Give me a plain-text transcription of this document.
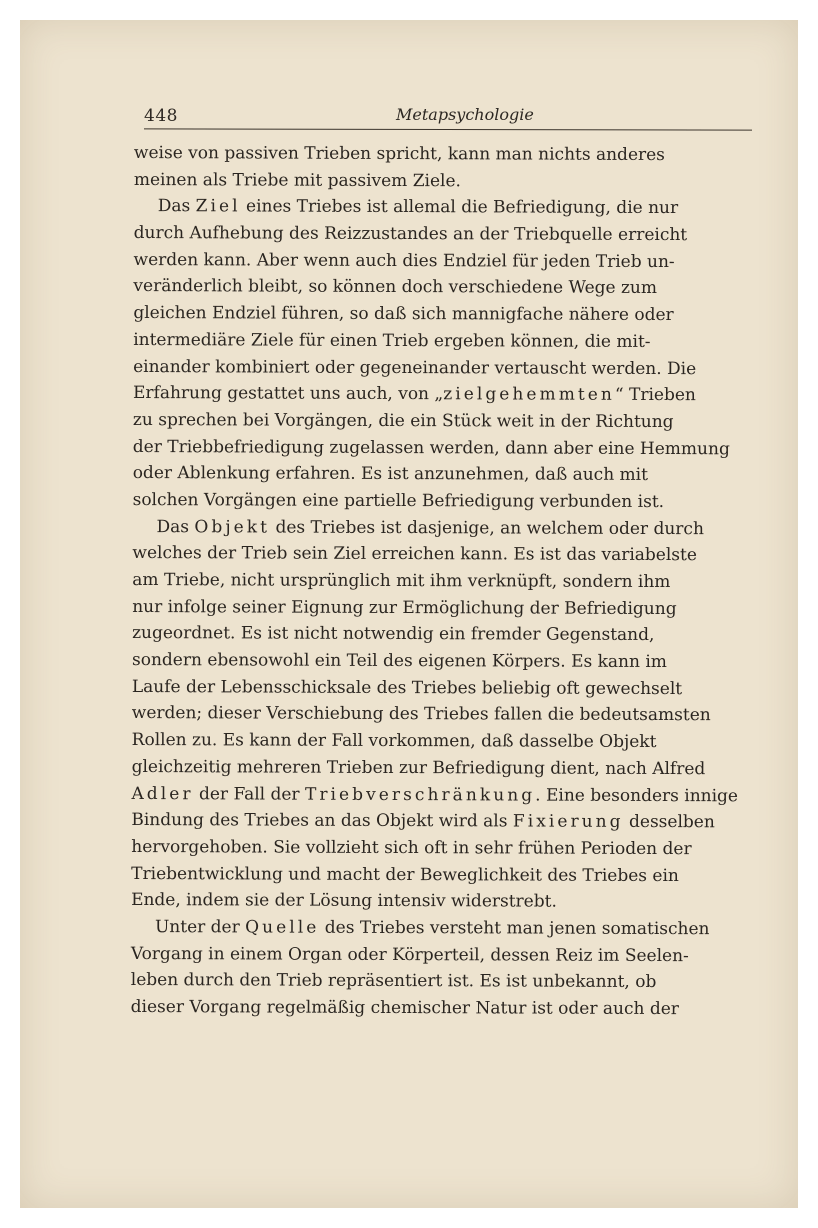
448	Metapsychologie
weise von passiven Trieben spricht, kann man nichts anderes
meinen als Triebe mit passivem Ziele.
Das Ziel eines Triebes ist allemal die Befriedigung, die nur
durch Aufhebung des Reizzustandes an der Triebquelle erreicht
werden kann. Aber wenn auch dies Endziel für jeden Trieb un-
veränderlich bleibt, so können doch verschiedene Wege zum
gleichen Endziel führen, so daß sich mannigfache nähere oder
intermediäre Ziele für einen Trieb ergeben können, die mit-
einander kombiniert oder gegeneinander vertauscht werden. Die
Erfahrung gestattet uns auch, von „zielgehemmten“ Trieben
zu sprechen bei Vorgängen, die ein Stück weit in der Richtung
der Triebbefriedigung zugelassen werden, dann aber eine Hemmung
oder Ablenkung erfahren. Es ist anzunehmen, daß auch mit
solchen Vorgängen eine partielle Befriedigung verbunden ist.
Das Objekt des Triebes ist dasjenige, an welchem oder durch
welches der Trieb sein Ziel erreichen kann. Es ist das variabelste
am Triebe, nicht ursprünglich mit ihm verknüpft, sondern ihm
nur infolge seiner Eignung zur Ermöglichung der Befriedigung
zugeordnet. Es ist nicht notwendig ein fremder Gegenstand,
sondern ebensowohl ein Teil des eigenen Körpers. Es kann im
Laufe der Lebensschicksale des Triebes beliebig oft gewechselt
werden; dieser Verschiebung des Triebes fallen die bedeutsamsten
Rollen zu. Es kann der Fall vorkommen, daß dasselbe Objekt
gleichzeitig mehreren Trieben zur Befriedigung dient, nach Alfred
Adler der Fall der Triebverschränkung. Eine besonders innige
Bindung des Triebes an das Objekt wird als Fixierung desselben
hervorgehoben. Sie vollzieht sich oft in sehr frühen Perioden der
Triebentwicklung und macht der Beweglichkeit des Triebes ein
Ende, indem sie der Lösung intensiv widerstrebt.
Unter der Quelle des Triebes versteht man jenen somatischen
Vorgang in einem Organ oder Körperteil, dessen Reiz im Seelen-
leben durch den Trieb repräsentiert ist. Es ist unbekannt, ob
dieser Vorgang regelmäßig chemischer Natur ist oder auch der
